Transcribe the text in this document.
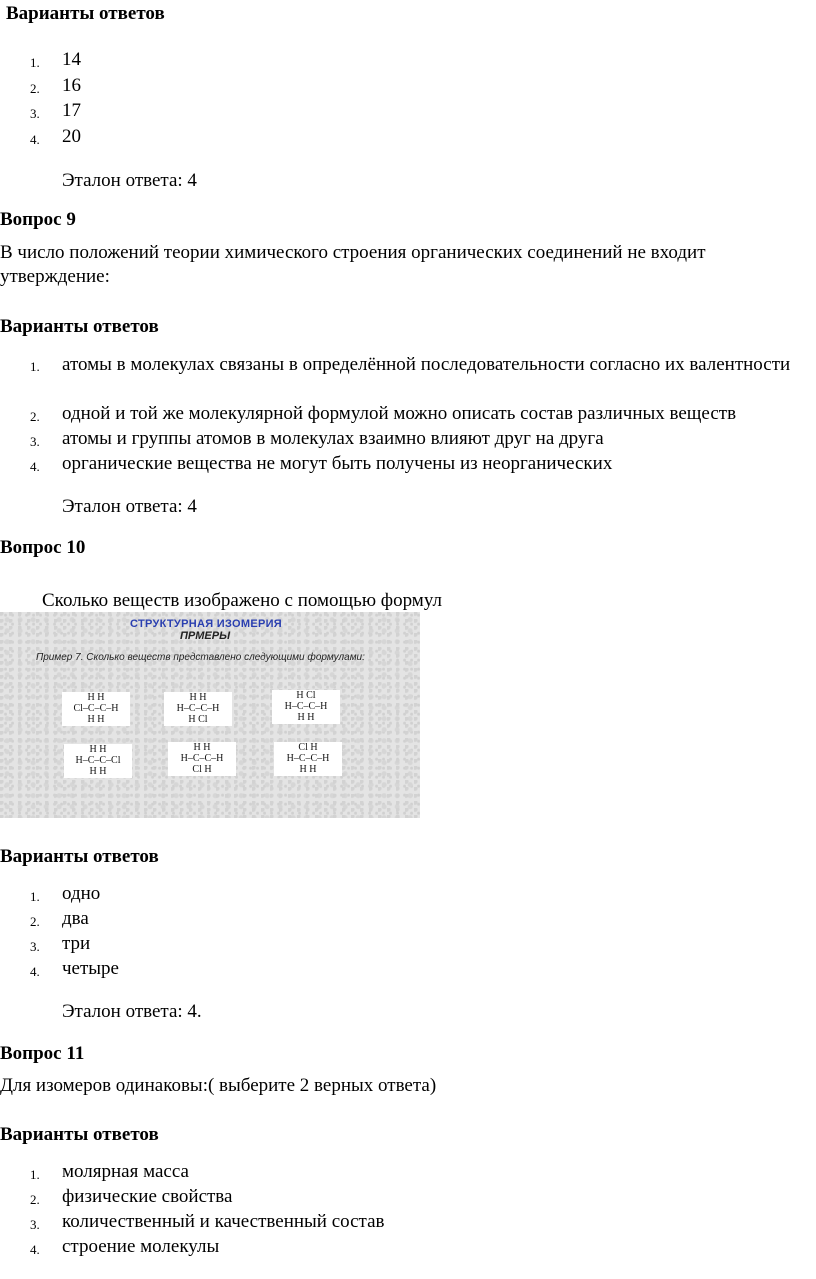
Варианты ответов
1. 14
2. 16
3. 17
4. 20
Эталон ответа: 4
Вопрос 9
В число положений теории химического строения органических соединений не входит утверждение:
Варианты ответов
1. атомы в молекулах связаны в определённой последовательности согласно их валентности
2. одной и той же молекулярной формулой можно описать состав различных веществ
3. атомы и группы атомов в молекулах взаимно влияют друг на друга
4. органические вещества не могут быть получены из неорганических
Эталон ответа: 4
Вопрос 10
Сколько веществ изображено с помощью формул
СТРУКТУРНАЯ ИЗОМЕРИЯ
ПРМЕРЫ
Пример 7. Сколько веществ представлено следующими формулами:
H H
Cl–C–C–H
H H
H H
H–C–C–H
H Cl
H Cl
H–C–C–H
H H
H H
H–C–C–Cl
H H
H H
H–C–C–H
Cl H
Cl H
H–C–C–H
H H
Варианты ответов
1. одно
2. два
3. три
4. четыре
Эталон ответа: 4.
Вопрос 11
Для изомеров одинаковы:( выберите 2 верных ответа)
Варианты ответов
1. молярная масса
2. физические свойства
3. количественный и качественный состав
4. строение молекулы
